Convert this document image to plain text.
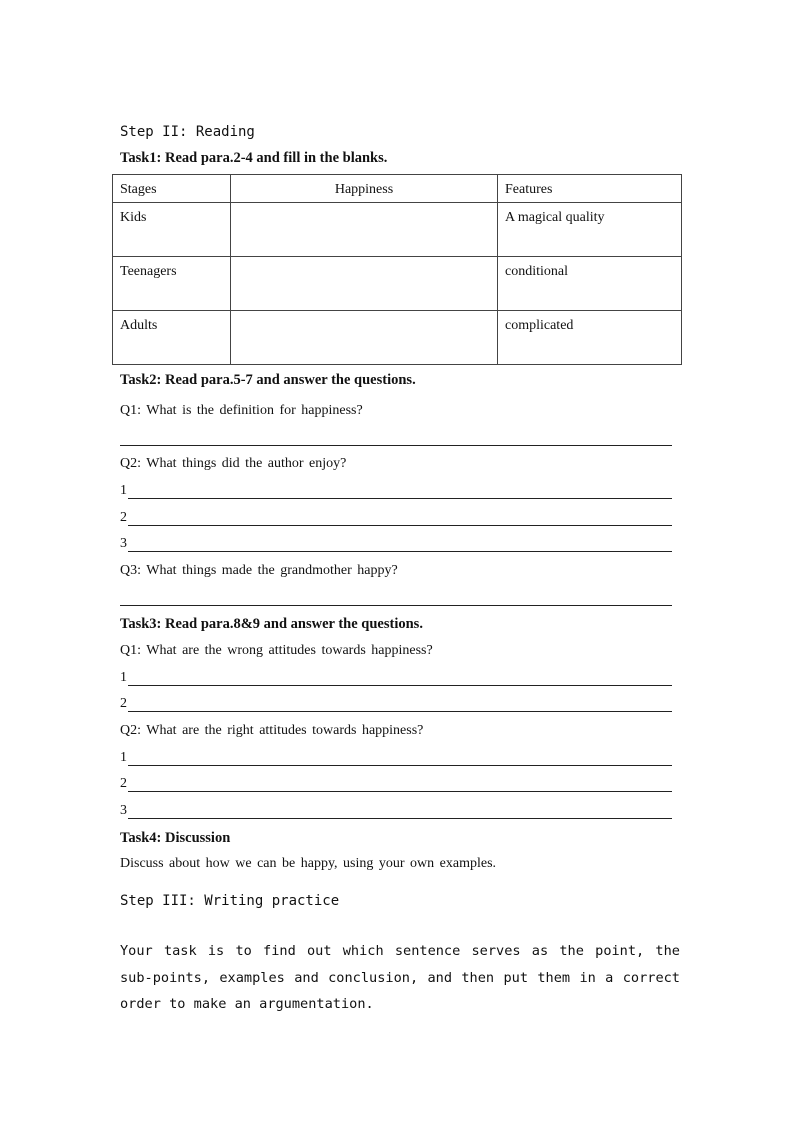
Step II: Reading
Task1: Read para.2-4 and fill in the blanks.
Stages	Happiness	Features
Kids		A magical quality
Teenagers		conditional
Adults		complicated
Task2: Read para.5-7 and answer the questions.
Q1: What is the definition for happiness?
Q2: What things did the author enjoy?
1
2
3
Q3: What things made the grandmother happy?
Task3: Read para.8&9 and answer the questions.
Q1: What are the wrong attitudes towards happiness?
1
2
Q2: What are the right attitudes towards happiness?
1
2
3
Task4: Discussion
Discuss about how we can be happy, using your own examples.
Step III: Writing practice
Your task is to find out which sentence serves as the point, the sub-points, examples and conclusion, and then put them in a correct order to make an argumentation.
